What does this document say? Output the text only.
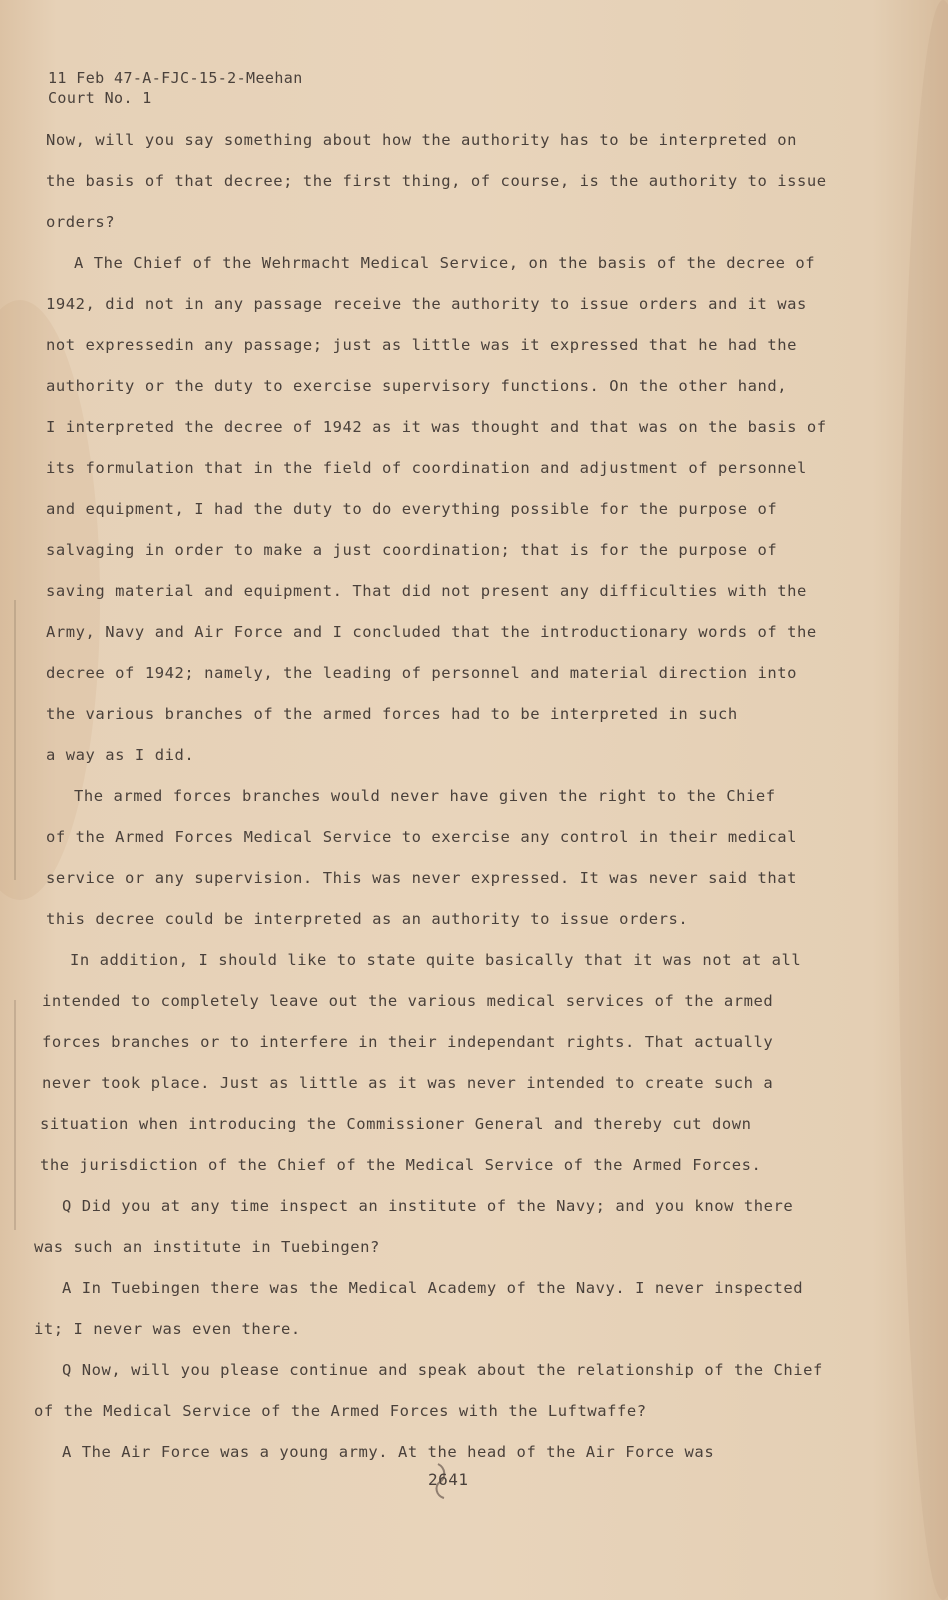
11 Feb 47-A-FJC-15-2-Meehan
Court No. 1
Now, will you say something about how the authority has to be interpreted on
the basis of that decree; the first thing, of course, is the authority to issue
orders?
A The Chief of the Wehrmacht Medical Service, on the basis of the decree of
1942, did not in any passage receive the authority to issue orders and it was
not expressedin any passage; just as little was it expressed that he had the
authority or the duty to exercise supervisory functions. On the other hand,
I interpreted the decree of 1942 as it was thought and that was on the basis of
its formulation that in the field of coordination and adjustment of personnel
and equipment, I had the duty to do everything possible for the purpose of
salvaging in order to make a just coordination; that is for the purpose of
saving material and equipment. That did not present any difficulties with the
Army, Navy and Air Force and I concluded that the introductionary words of the
decree of 1942; namely, the leading of personnel and material direction into
the various branches of the armed forces had to be interpreted in such
a way as I did.
The armed forces branches would never have given the right to the Chief
of the Armed Forces Medical Service to exercise any control in their medical
service or any supervision. This was never expressed. It was never said that
this decree could be interpreted as an authority to issue orders.
In addition, I should like to state quite basically that it was not at all
intended to completely leave out the various medical services of the armed
forces branches or to interfere in their independant rights. That actually
never took place. Just as little as it was never intended to create such a
situation when introducing the Commissioner General and thereby cut down
the jurisdiction of the Chief of the Medical Service of the Armed Forces.
Q Did you at any time inspect an institute of the Navy; and you know there
was such an institute in Tuebingen?
A In Tuebingen there was the Medical Academy of the Navy. I never inspected
it; I never was even there.
Q Now, will you please continue and speak about the relationship of the Chief
of the Medical Service of the Armed Forces with the Luftwaffe?
A The Air Force was a young army. At the head of the Air Force was
2641
